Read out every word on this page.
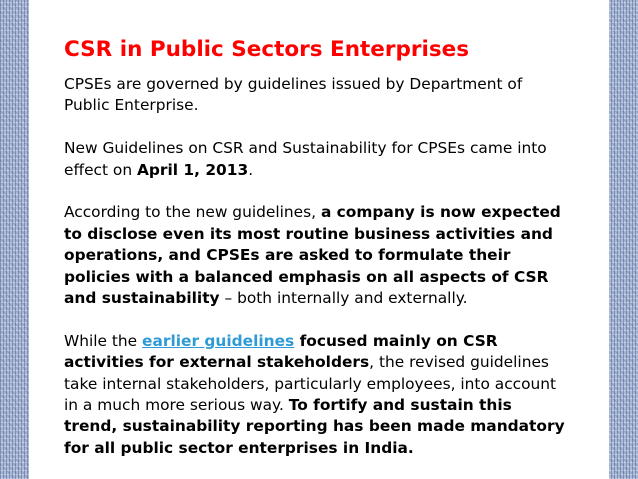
CSR in Public Sectors Enterprises

CPSEs are governed by guidelines issued by Department of Public Enterprise.

New Guidelines on CSR and Sustainability for CPSEs came into effect on April 1, 2013.

According to the new guidelines, a company is now expected to disclose even its most routine business activities and operations, and CPSEs are asked to formulate their policies with a balanced emphasis on all aspects of CSR and sustainability – both internally and externally.

While the earlier guidelines focused mainly on CSR activities for external stakeholders, the revised guidelines take internal stakeholders, particularly employees, into account in a much more serious way. To fortify and sustain this trend, sustainability reporting has been made mandatory for all public sector enterprises in India.
